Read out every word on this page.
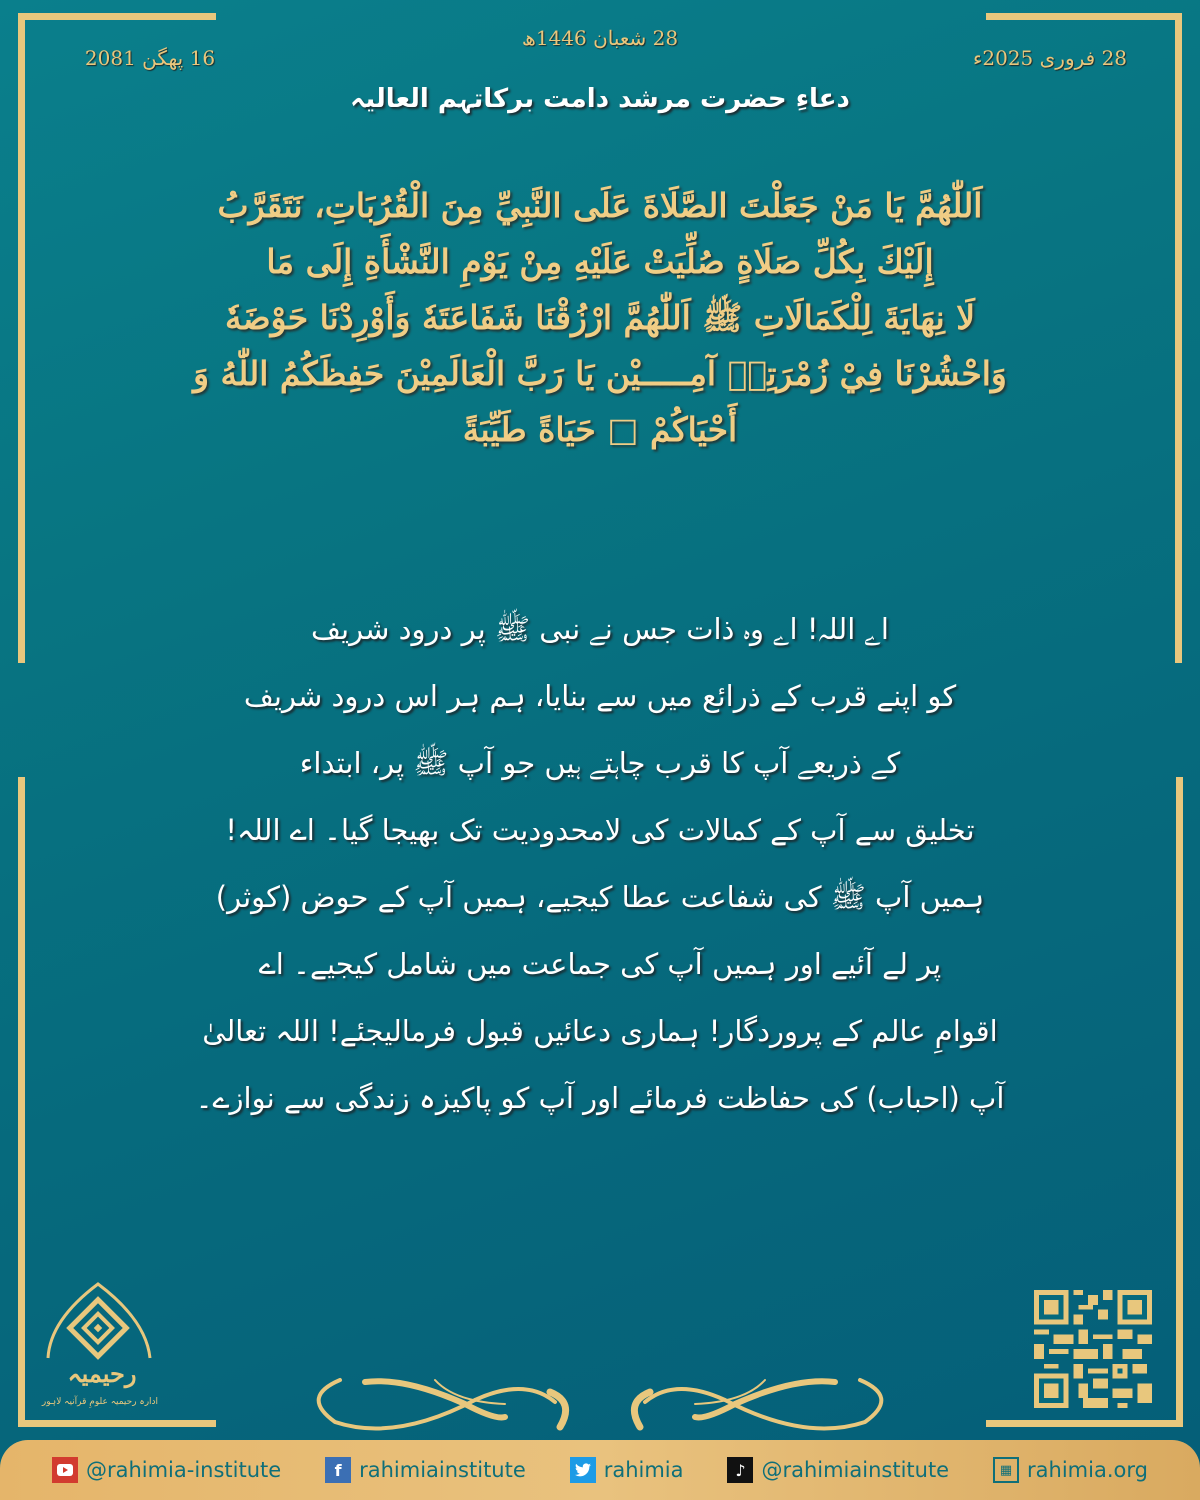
28 شعبان 1446ھ
16 پھگن 2081	28 فروری 2025ء
دعاءِ حضرت مرشد دامت برکاتہم العالیہ
اَللّٰهُمَّ يَا مَنْ جَعَلْتَ الصَّلَاةَ عَلَى النَّبِيِّ مِنَ الْقُرُبَاتِ، نَتَقَرَّبُ
إِلَيْكَ بِكُلِّ صَلَاةٍ صُلِّيَتْ عَلَيْهِ مِنْ يَوْمِ النَّشْأَةِ إِلَى مَا
لَا نِهَايَةَ لِلْكَمَالَاتِ ﷺ اَللّٰهُمَّ ارْزُقْنَا شَفَاعَتَهٗ وَأَوْرِدْنَا حَوْضَهٗ
وَاحْشُرْنَا فِيْ زُمْرَتِهٖ آمِـــــيْن يَا رَبَّ الْعَالَمِيْنَ حَفِظَكُمُ اللّٰهُ وَ
أَحْيَاكُمْ □ حَيَاةً طَيِّبَةً
اے اللہ! اے وہ ذات جس نے نبی ﷺ پر درود شریف
کو اپنے قرب کے ذرائع میں سے بنایا، ہم ہر اس درود شریف
کے ذریعے آپ کا قرب چاہتے ہیں جو آپ ﷺ پر، ابتداء
تخلیق سے آپ کے کمالات کی لامحدودیت تک بھیجا گیا۔ اے اللہ!
ہمیں آپ ﷺ کی شفاعت عطا کیجیے، ہمیں آپ کے حوض (کوثر)
پر لے آئیے اور ہمیں آپ کی جماعت میں شامل کیجیے۔ اے
اقوامِ عالم کے پروردگار! ہماری دعائیں قبول فرمالیجئے! اللہ تعالیٰ
آپ (احباب) کی حفاظت فرمائے اور آپ کو پاکیزہ زندگی سے نوازے۔
رحیمیہ
ادارہ رحیمیہ علومِ قرآنیہ لاہور
@rahimia-institute	f rahimiainstitute	rahimia	♪ @rahimiainstitute	▦ rahimia.org
